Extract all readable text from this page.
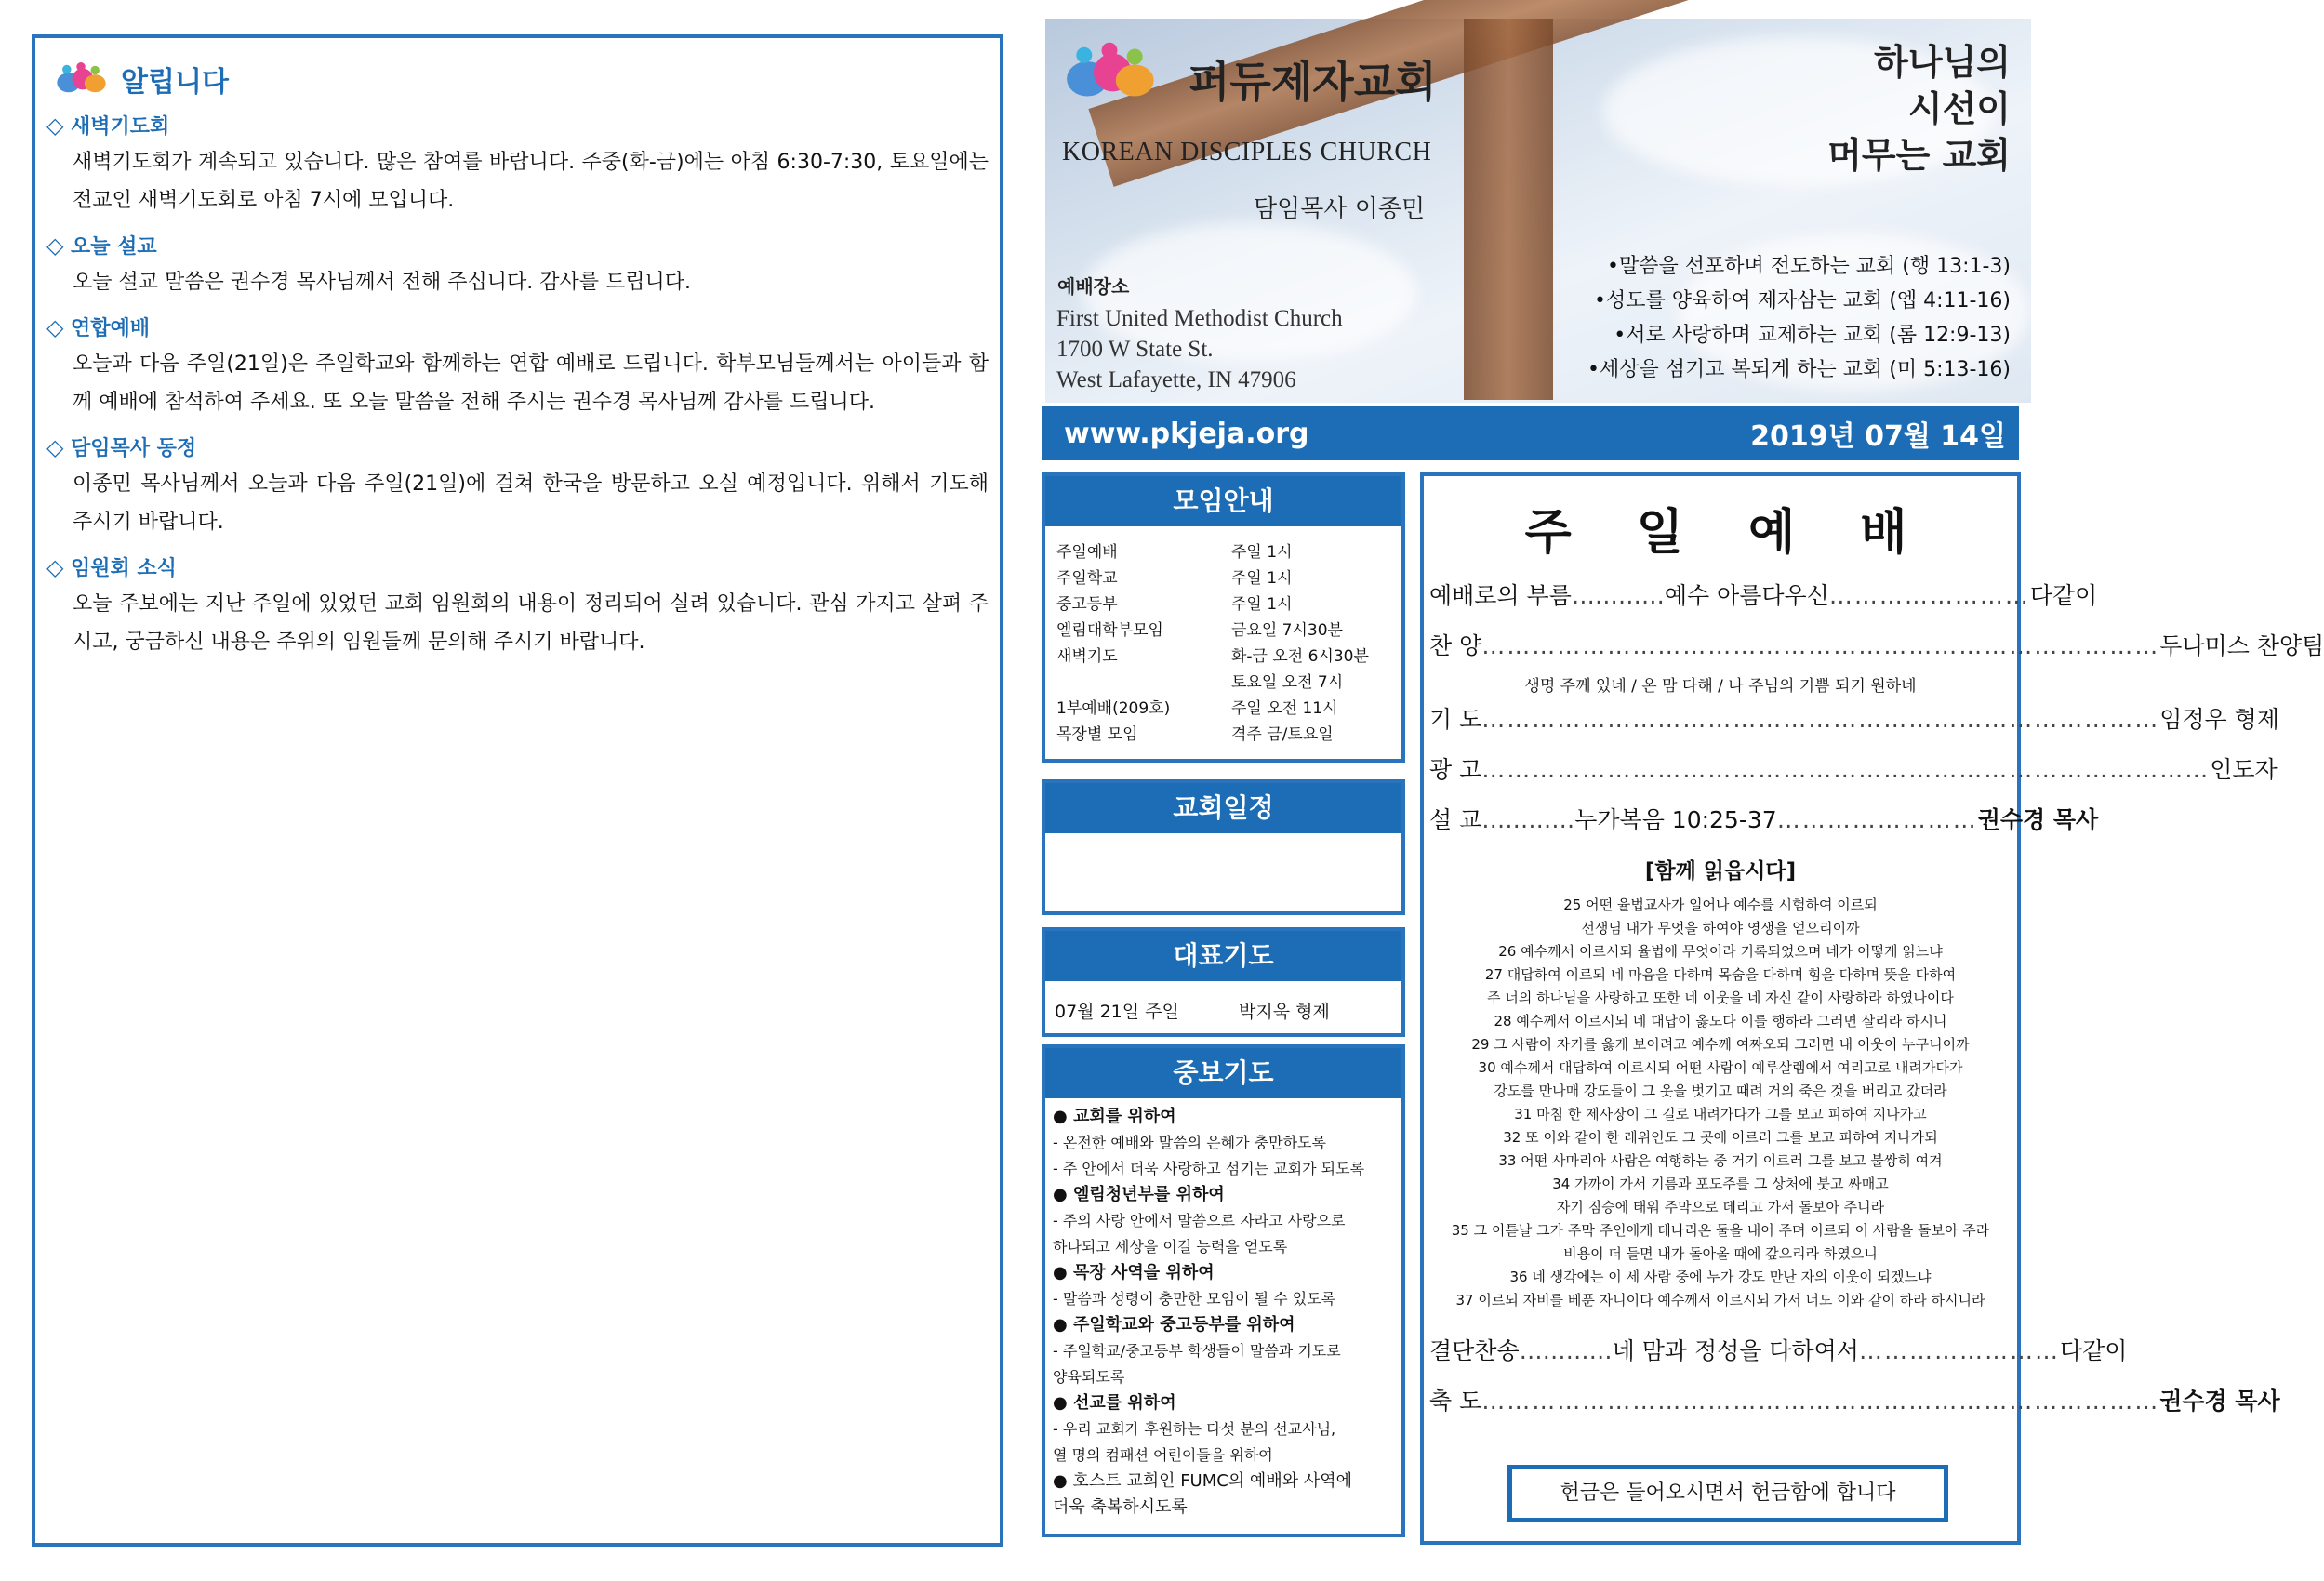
알립니다
◇ 새벽기도회
새벽기도회가 계속되고 있습니다. 많은 참여를 바랍니다. 주중(화-금)에는 아침 6:30-7:30, 토요일에는 전교인 새벽기도회로 아침 7시에 모입니다.
◇ 오늘 설교
오늘 설교 말씀은 권수경 목사님께서 전해 주십니다. 감사를 드립니다.
◇ 연합예배
오늘과 다음 주일(21일)은 주일학교와 함께하는 연합 예배로 드립니다. 학부모님들께서는 아이들과 함께 예배에 참석하여 주세요. 또 오늘 말씀을 전해 주시는 권수경 목사님께 감사를 드립니다.
◇ 담임목사 동정
이종민 목사님께서 오늘과 다음 주일(21일)에 걸쳐 한국을 방문하고 오실 예정입니다. 위해서 기도해 주시기 바랍니다.
◇ 임원회 소식
오늘 주보에는 지난 주일에 있었던 교회 임원회의 내용이 정리되어 실려 있습니다. 관심 가지고 살펴 주시고, 궁금하신 내용은 주위의 임원들께 문의해 주시기 바랍니다.
퍼듀제자교회
KOREAN DISCIPLES CHURCH
담임목사 이종민
예배장소
First United Methodist Church
1700 W State St.
West Lafayette, IN 47906
하나님의
시선이
머무는 교회
•말씀을 선포하며 전도하는 교회 (행 13:1-3)
•성도를 양육하여 제자삼는 교회 (엡 4:11-16)
•서로 사랑하며 교제하는 교회 (롬 12:9-13)
•세상을 섬기고 복되게 하는 교회 (미 5:13-16)
www.pkjeja.org	2019년 07월 14일
모임안내
주일예배	주일 1시
주일학교	주일 1시
중고등부	주일 1시
엘림대학부모임	금요일 7시30분
새벽기도	화-금 오전 6시30분
토요일 오전 7시
1부예배(209호)	주일 오전 11시
목장별 모임	격주 금/토요일
교회일정
대표기도
07월 21일 주일	박지욱 형제
중보기도
● 교회를 위하여
- 온전한 예배와 말씀의 은혜가 충만하도록
- 주 안에서 더욱 사랑하고 섬기는 교회가 되도록
● 엘림청년부를 위하여
- 주의 사랑 안에서 말씀으로 자라고 사랑으로
하나되고 세상을 이길 능력을 얻도록
● 목장 사역을 위하여
- 말씀과 성령이 충만한 모임이 될 수 있도록
● 주일학교와 중고등부를 위하여
- 주일학교/중고등부 학생들이 말씀과 기도로
양육되도록
● 선교를 위하여
- 우리 교회가 후원하는 다섯 분의 선교사님,
열 명의 컴패션 어린이들을 위하여
● 호스트 교회인 FUMC의 예배와 사역에
더욱 축복하시도록
주일예배
예배로의 부름 ………… 예수 아름다우신 …………………… 다같이
찬 양 ……………………………………………………………………… 두나미스 찬양팀
생명 주께 있네 / 온 맘 다해 / 나 주님의 기쁨 되기 원하네
기 도 ……………………………………………………………………… 임정우 형제
광 고 …………………………………………………………………………… 인도자
설 교 ………… 누가복음 10:25-37 …………………… 권수경 목사
[함께 읽읍시다]
25 어떤 율법교사가 일어나 예수를 시험하여 이르되
선생님 내가 무엇을 하여야 영생을 얻으리이까
26 예수께서 이르시되 율법에 무엇이라 기록되었으며 네가 어떻게 읽느냐
27 대답하여 이르되 네 마음을 다하며 목숨을 다하며 힘을 다하며 뜻을 다하여
주 너의 하나님을 사랑하고 또한 네 이웃을 네 자신 같이 사랑하라 하였나이다
28 예수께서 이르시되 네 대답이 옳도다 이를 행하라 그러면 살리라 하시니
29 그 사람이 자기를 옳게 보이려고 예수께 여짜오되 그러면 내 이웃이 누구니이까
30 예수께서 대답하여 이르시되 어떤 사람이 예루살렘에서 여리고로 내려가다가
강도를 만나매 강도들이 그 옷을 벗기고 때려 거의 죽은 것을 버리고 갔더라
31 마침 한 제사장이 그 길로 내려가다가 그를 보고 피하여 지나가고
32 또 이와 같이 한 레위인도 그 곳에 이르러 그를 보고 피하여 지나가되
33 어떤 사마리아 사람은 여행하는 중 거기 이르러 그를 보고 불쌍히 여겨
34 가까이 가서 기름과 포도주를 그 상처에 붓고 싸매고
자기 짐승에 태워 주막으로 데리고 가서 돌보아 주니라
35 그 이튿날 그가 주막 주인에게 데나리온 둘을 내어 주며 이르되 이 사람을 돌보아 주라
비용이 더 들면 내가 돌아올 때에 갚으리라 하였으니
36 네 생각에는 이 세 사람 중에 누가 강도 만난 자의 이웃이 되겠느냐
37 이르되 자비를 베푼 자니이다 예수께서 이르시되 가서 너도 이와 같이 하라 하시니라
결단찬송 ………… 네 맘과 정성을 다하여서 …………………… 다같이
축 도 ……………………………………………………………………… 권수경 목사
헌금은 들어오시면서 헌금함에 합니다
